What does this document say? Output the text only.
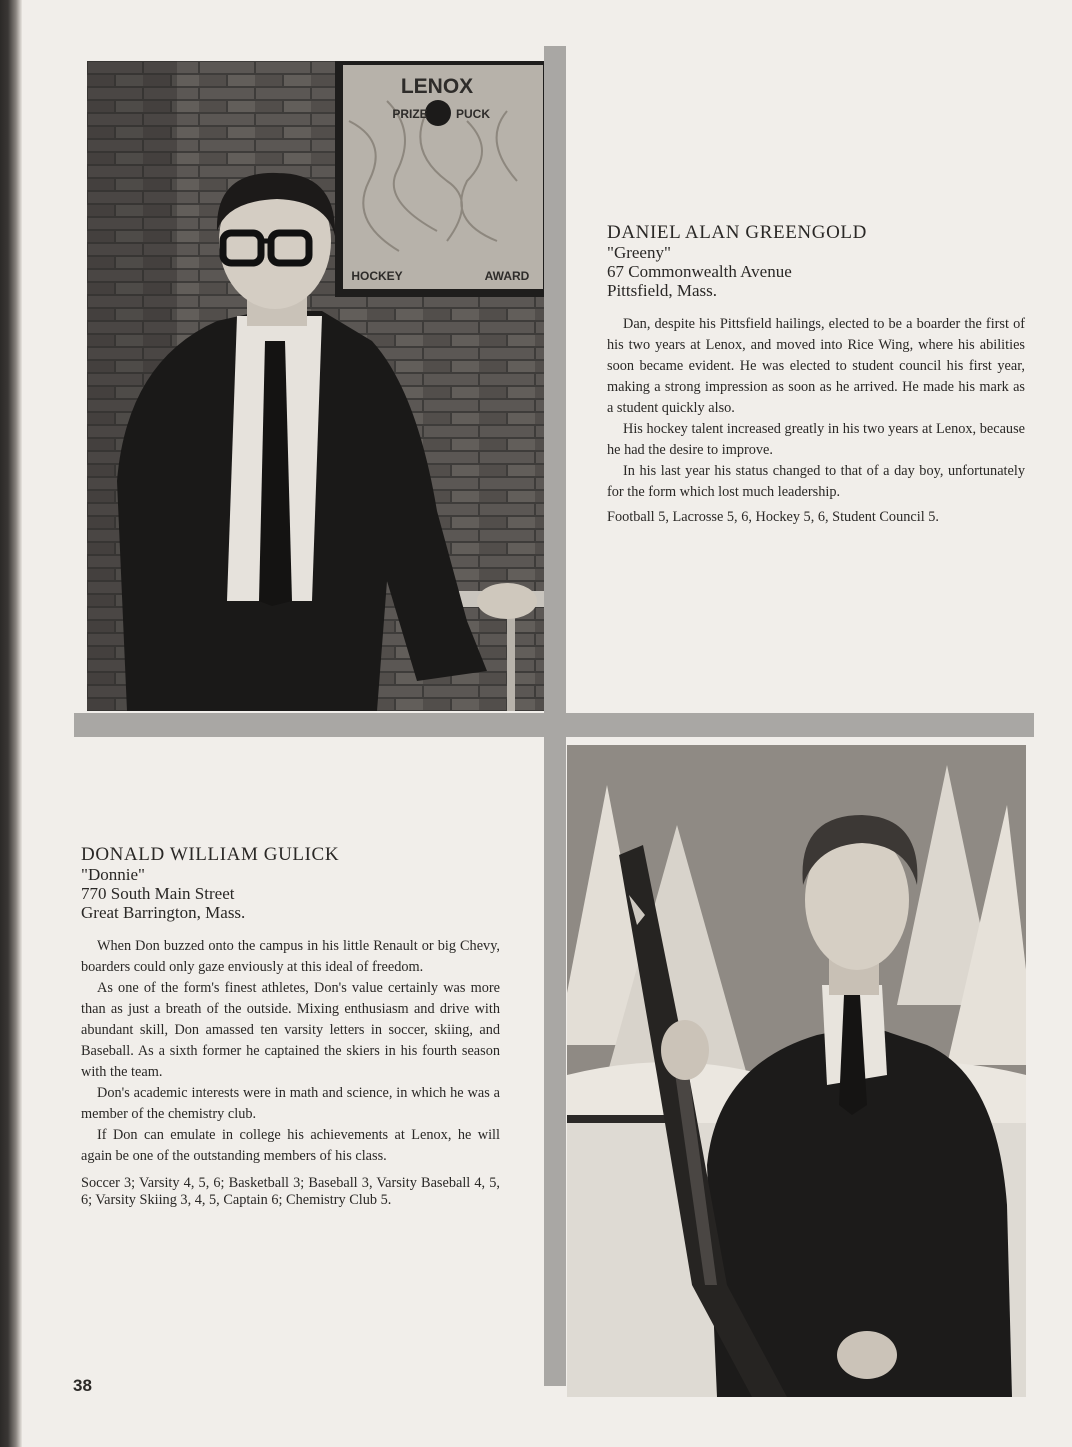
LENOX
PRIZE PUCK
HOCKEY	AWARD

DANIEL ALAN GREENGOLD

"Greeny"

67 Commonwealth Avenue

Pittsfield, Mass.

Dan, despite his Pittsfield hailings, elected to be a boarder the first of his two years at Lenox, and moved into Rice Wing, where his abilities soon became evident. He was elected to student council his first year, making a strong impression as soon as he arrived. He made his mark as a student quickly also.

His hockey talent increased greatly in his two years at Lenox, because he had the desire to improve.

In his last year his status changed to that of a day boy, unfortunately for the form which lost much leadership.

Football 5, Lacrosse 5, 6, Hockey 5, 6, Student Council 5.

DONALD WILLIAM GULICK

"Donnie"

770 South Main Street

Great Barrington, Mass.

When Don buzzed onto the campus in his little Renault or big Chevy, boarders could only gaze enviously at this ideal of freedom.

As one of the form's finest athletes, Don's value certainly was more than as just a breath of the outside. Mixing enthusiasm and drive with abundant skill, Don amassed ten varsity letters in soccer, skiing, and Baseball. As a sixth former he captained the skiers in his fourth season with the team.

Don's academic interests were in math and science, in which he was a member of the chemistry club.

If Don can emulate in college his achievements at Lenox, he will again be one of the outstanding members of his class.

Soccer 3; Varsity 4, 5, 6; Basketball 3; Baseball 3, Varsity Baseball 4, 5, 6; Varsity Skiing 3, 4, 5, Captain 6; Chemistry Club 5.

38
